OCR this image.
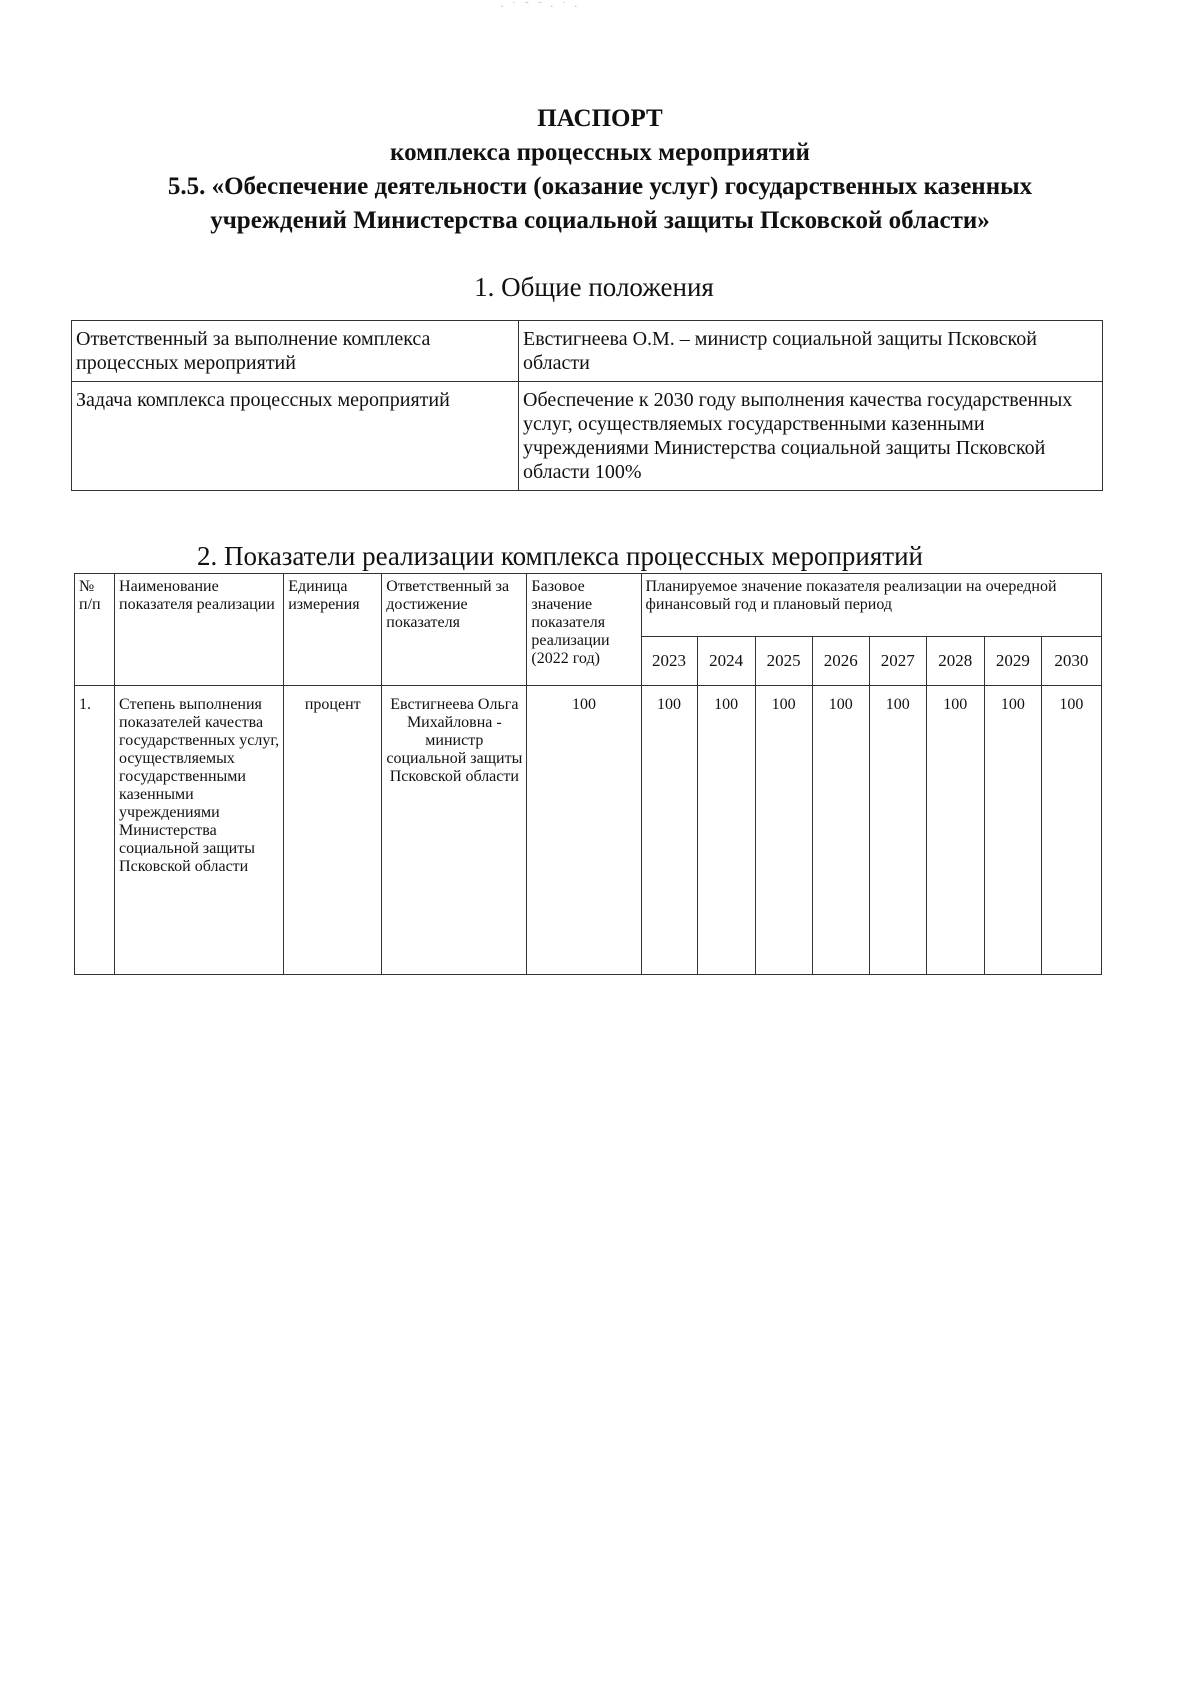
· ˙ ˘ ¨ · ˙ ·
ПАСПОРТ
комплекса процессных мероприятий
5.5. «Обеспечение деятельности (оказание услуг) государственных казенных
учреждений Министерства социальной защиты Псковской области»
1. Общие положения
Ответственный за выполнение комплекса процессных мероприятий	Евстигнеева О.М. – министр социальной защиты Псковской области
Задача комплекса процессных мероприятий	Обеспечение к 2030 году выполнения качества государственных услуг, осуществляемых государственными казенными учреждениями Министерства социальной защиты Псковской области 100%
2. Показатели реализации комплекса процессных мероприятий
№ п/п	Наименование показателя реализации	Единица измерения	Ответственный за достижение показателя	Базовое значение показателя реализации (2022 год)	Планируемое значение показателя реализации на очередной финансовый год и плановый период							
					2023	2024	2025	2026	2027	2028	2029	2030
1.	Степень выполнения показателей качества государственных услуг, осуществляемых государственными казенными учреждениями Министерства социальной защиты Псковской области	процент	Евстигнеева Ольга Михайловна - министр социальной защиты Псковской области	100	100	100	100	100	100	100	100	100
